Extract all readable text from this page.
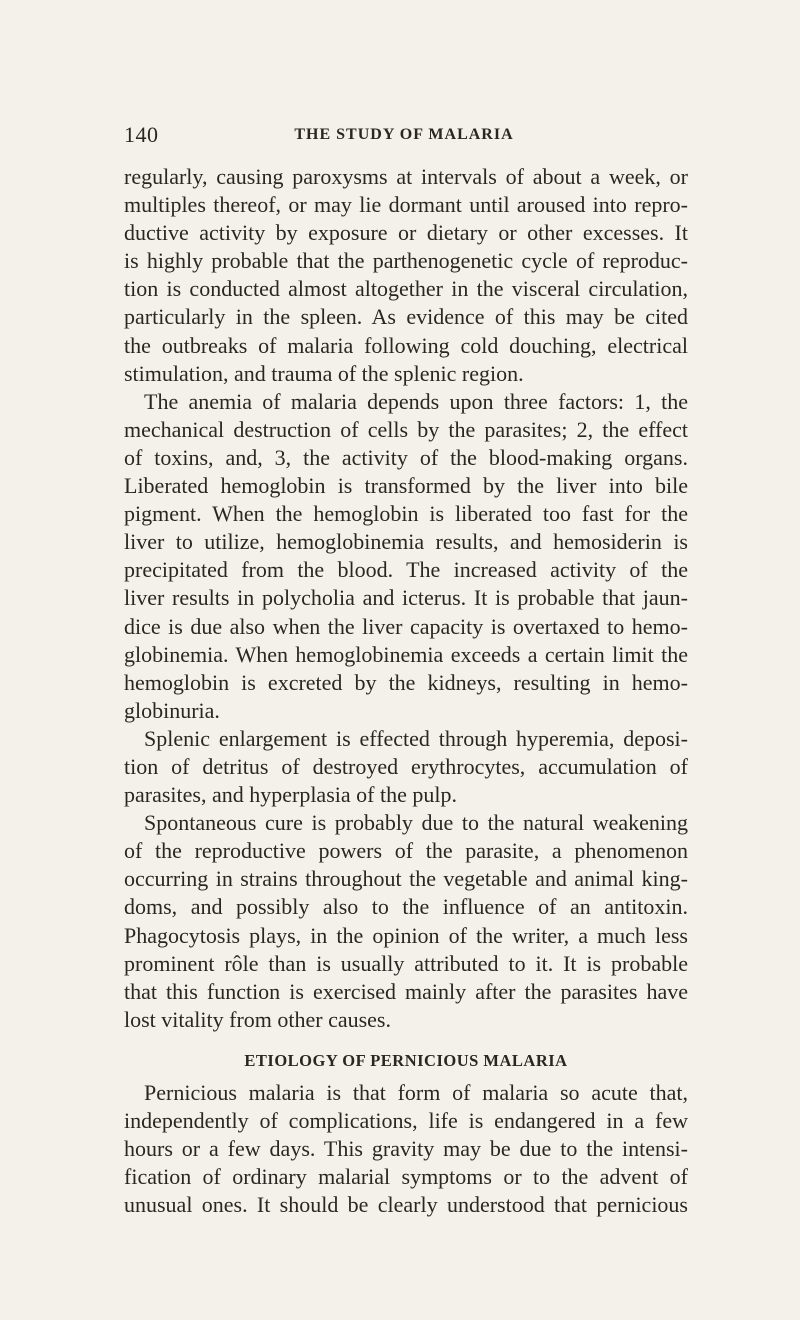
140	THE STUDY OF MALARIA
regularly, causing paroxysms at intervals of about a week, or
multiples thereof, or may lie dormant until aroused into repro-
ductive activity by exposure or dietary or other excesses. It
is highly probable that the parthenogenetic cycle of reproduc-
tion is conducted almost altogether in the visceral circulation,
particularly in the spleen. As evidence of this may be cited
the outbreaks of malaria following cold douching, electrical
stimulation, and trauma of the splenic region.
The anemia of malaria depends upon three factors: 1, the
mechanical destruction of cells by the parasites; 2, the effect
of toxins, and, 3, the activity of the blood-making organs.
Liberated hemoglobin is transformed by the liver into bile
pigment. When the hemoglobin is liberated too fast for the
liver to utilize, hemoglobinemia results, and hemosiderin is
precipitated from the blood. The increased activity of the
liver results in polycholia and icterus. It is probable that jaun-
dice is due also when the liver capacity is overtaxed to hemo-
globinemia. When hemoglobinemia exceeds a certain limit the
hemoglobin is excreted by the kidneys, resulting in hemo-
globinuria.
Splenic enlargement is effected through hyperemia, deposi-
tion of detritus of destroyed erythrocytes, accumulation of
parasites, and hyperplasia of the pulp.
Spontaneous cure is probably due to the natural weakening
of the reproductive powers of the parasite, a phenomenon
occurring in strains throughout the vegetable and animal king-
doms, and possibly also to the influence of an antitoxin.
Phagocytosis plays, in the opinion of the writer, a much less
prominent rôle than is usually attributed to it. It is probable
that this function is exercised mainly after the parasites have
lost vitality from other causes.
ETIOLOGY OF PERNICIOUS MALARIA
Pernicious malaria is that form of malaria so acute that,
independently of complications, life is endangered in a few
hours or a few days. This gravity may be due to the intensi-
fication of ordinary malarial symptoms or to the advent of
unusual ones. It should be clearly understood that pernicious
